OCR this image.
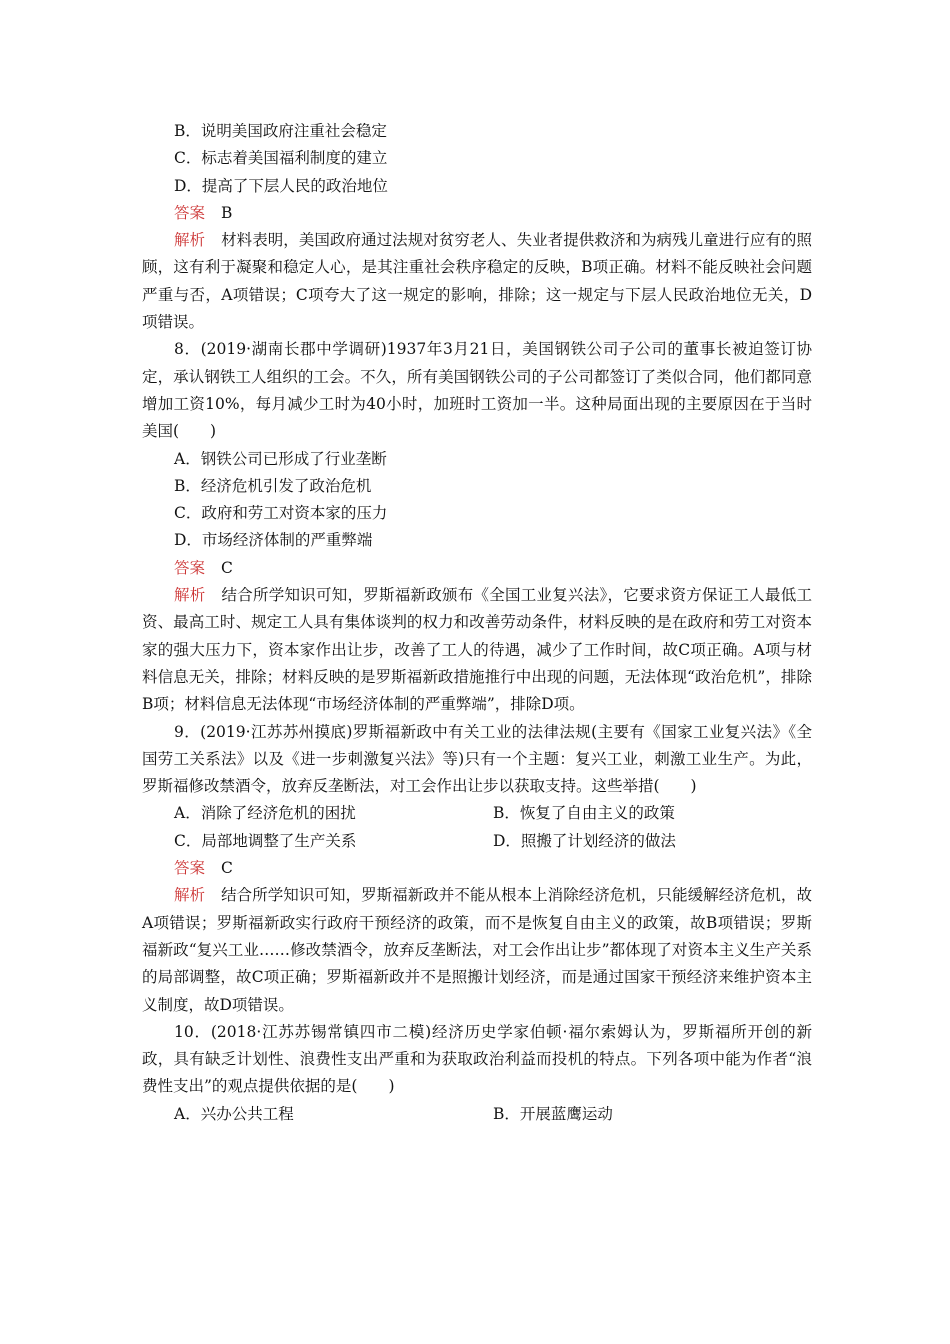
B．说明美国政府注重社会稳定
C．标志着美国福利制度的建立
D．提高了下层人民的政治地位
答案 B
解析 材料表明，美国政府通过法规对贫穷老人、失业者提供救济和为病残儿童进行应有的照顾，这有利于凝聚和稳定人心，是其注重社会秩序稳定的反映，B项正确。材料不能反映社会问题严重与否，A项错误；C项夸大了这一规定的影响，排除；这一规定与下层人民政治地位无关，D项错误。
8．(2019·湖南长郡中学调研)1937年3月21日，美国钢铁公司子公司的董事长被迫签订协定，承认钢铁工人组织的工会。不久，所有美国钢铁公司的子公司都签订了类似合同，他们都同意增加工资10%，每月减少工时为40小时，加班时工资加一半。这种局面出现的主要原因在于当时美国(　　)
A．钢铁公司已形成了行业垄断
B．经济危机引发了政治危机
C．政府和劳工对资本家的压力
D．市场经济体制的严重弊端
答案 C
解析 结合所学知识可知，罗斯福新政颁布《全国工业复兴法》，它要求资方保证工人最低工资、最高工时、规定工人具有集体谈判的权力和改善劳动条件，材料反映的是在政府和劳工对资本家的强大压力下，资本家作出让步，改善了工人的待遇，减少了工作时间，故C项正确。A项与材料信息无关，排除；材料反映的是罗斯福新政措施推行中出现的问题，无法体现“政治危机”，排除B项；材料信息无法体现“市场经济体制的严重弊端”，排除D项。
9．(2019·江苏苏州摸底)罗斯福新政中有关工业的法律法规(主要有《国家工业复兴法》《全国劳工关系法》以及《进一步刺激复兴法》等)只有一个主题：复兴工业，刺激工业生产。为此，罗斯福修改禁酒令，放弃反垄断法，对工会作出让步以获取支持。这些举措(　　)
A．消除了经济危机的困扰	B．恢复了自由主义的政策
C．局部地调整了生产关系	D．照搬了计划经济的做法
答案 C
解析 结合所学知识可知，罗斯福新政并不能从根本上消除经济危机，只能缓解经济危机，故A项错误；罗斯福新政实行政府干预经济的政策，而不是恢复自由主义的政策，故B项错误；罗斯福新政“复兴工业……修改禁酒令，放弃反垄断法，对工会作出让步”都体现了对资本主义生产关系的局部调整，故C项正确；罗斯福新政并不是照搬计划经济，而是通过国家干预经济来维护资本主义制度，故D项错误。
10．(2018·江苏苏锡常镇四市二模)经济历史学家伯顿·福尔索姆认为，罗斯福所开创的新政，具有缺乏计划性、浪费性支出严重和为获取政治利益而投机的特点。下列各项中能为作者“浪费性支出”的观点提供依据的是(　　)
A．兴办公共工程	B．开展蓝鹰运动
